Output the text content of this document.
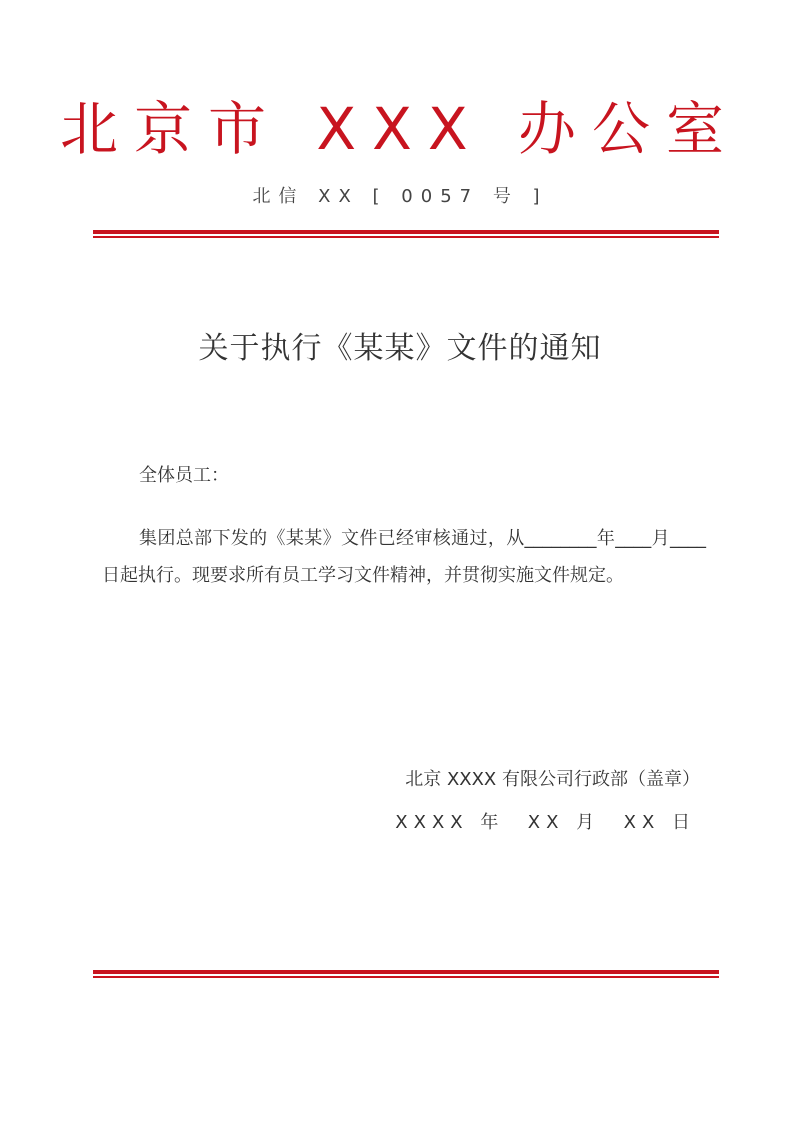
北京市 XXX 办公室
北信 XX [ 0057 号 ]
关于执行《某某》文件的通知
全体员工：
集团总部下发的《某某》文件已经审核通过，从________年____月____日起执行。现要求所有员工学习文件精神，并贯彻实施文件规定。
北京 XXXX 有限公司行政部（盖章）
XXXX 年  XX 月  XX 日
